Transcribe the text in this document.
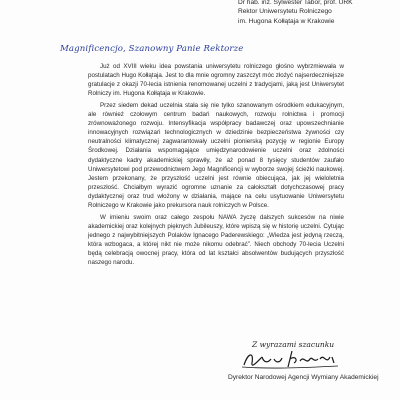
Dr hab. inż. Sylwester Tabor, prof. URK
Rektor Uniwersytetu Rolniczego
im. Hugona Kołłątaja w Krakowie
Magnificencjo, Szanowny Panie Rektorze

Już od XVIII wieku idea powstania uniwersytetu rolniczego głośno wybrzmiewała w postulatach Hugo Kołłątaja. Jest to dla mnie ogromny zaszczyt móc złożyć najserdeczniejsze gratulacje z okazji 70-lecia istnienia renomowanej uczelni z tradycjami, jaką jest Uniwersytet Rolniczy im. Hugona Kołłątaja w Krakowie.

Przez siedem dekad uczelnia stała się nie tylko szanowanym ośrodkiem edukacyjnym, ale również czołowym centrum badań naukowych, rozwoju rolnictwa i promocji zrównoważonego rozwoju. Intensyfikacja współpracy badawczej oraz upowszechnianie innowacyjnych rozwiązań technologicznych w dziedzinie bezpieczeństwa żywności czy neutralności klimatycznej zagwarantowały uczelni pionierską pozycję w regionie Europy Środkowej. Działania wspomagające umiędzynarodowienie uczelni oraz zdolności dydaktyczne kadry akademickiej sprawiły, że aż ponad 8 tysięcy studentów zaufało Uniwersytetowi pod przewodnictwem Jego Magnificencji w wyborze swojej ścieżki naukowej. Jestem przekonany, że przyszłość uczelni jest równie obiecująca, jak jej wieloletnia przeszłość. Chciałbym wyrazić ogromne uznanie za całokształt dotychczasowej pracy dydaktycznej oraz trud włożony w działania, mające na celu usytuowanie Uniwersytetu Rolniczego w Krakowie jako prekursora nauk rolniczych w Polsce.

W imieniu swoim oraz całego zespołu NAWA życzę dalszych sukcesów na niwie akademickiej oraz kolejnych pięknych Jubileuszy, które wpiszą się w historię uczelni. Cytując jednego z najwybitniejszych Polaków Ignacego Paderewskiego: „Wiedza jest jedyną rzeczą, która wzbogaca, a której nikt nie może nikomu odebrać”. Niech obchody 70-lecia Uczelni będą celebracją owocnej pracy, która od lat kształci absolwentów budujących przyszłość naszego narodu.

Z wyrazami szacunku
Dyrektor Narodowej Agencji Wymiany Akademickiej
